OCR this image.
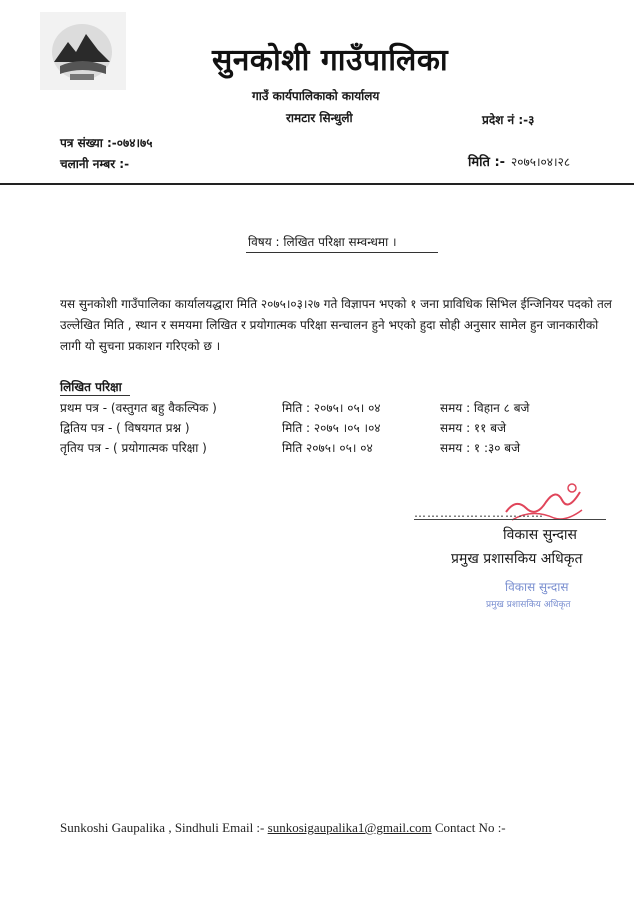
सुनकोशी गाउँपालिका
गाउँ कार्यपालिकाको कार्यालय
रामटार सिन्धुली	प्रदेश नं :-३
पत्र संख्या :-०७४।७५
चलानी नम्बर :-	मिति :- २०७५।०४।२८
विषय : लिखित परिक्षा सम्वन्धमा ।
यस सुनकोशी गाउँपालिका कार्यालयद्धारा मिति २०७५।०३।२७ गते विज्ञापन भएको १ जना प्राविधिक सिभिल ईन्जिनियर पदको तल उल्लेखित मिति , स्थान र समयमा लिखित र प्रयोगात्मक परिक्षा सन्चालन हुने भएको हुदा सोही अनुसार सामेल हुन जानकारीको लागी यो सुचना प्रकाशन गरिएको छ ।
लिखित परिक्षा
प्रथम पत्र - (वस्तुगत बहु वैकल्पिक )	मिति : २०७५। ०५। ०४	समय : विहान ८ बजे
द्वितिय पत्र - ( विषयगत प्रश्न )	मिति : २०७५ ।०५ ।०४	समय : ११ बजे
तृतिय पत्र - ( प्रयोगात्मक परिक्षा )	मिति २०७५। ०५। ०४	समय : १ :३० बजे
…………………………
विकास सुन्दास
प्रमुख प्रशासकिय अधिकृत
विकास सुन्दास
प्रमुख प्रशासकिय अधिकृत
Sunkoshi Gaupalika , Sindhuli Email :- sunkosigaupalika1@gmail.com Contact No :-
